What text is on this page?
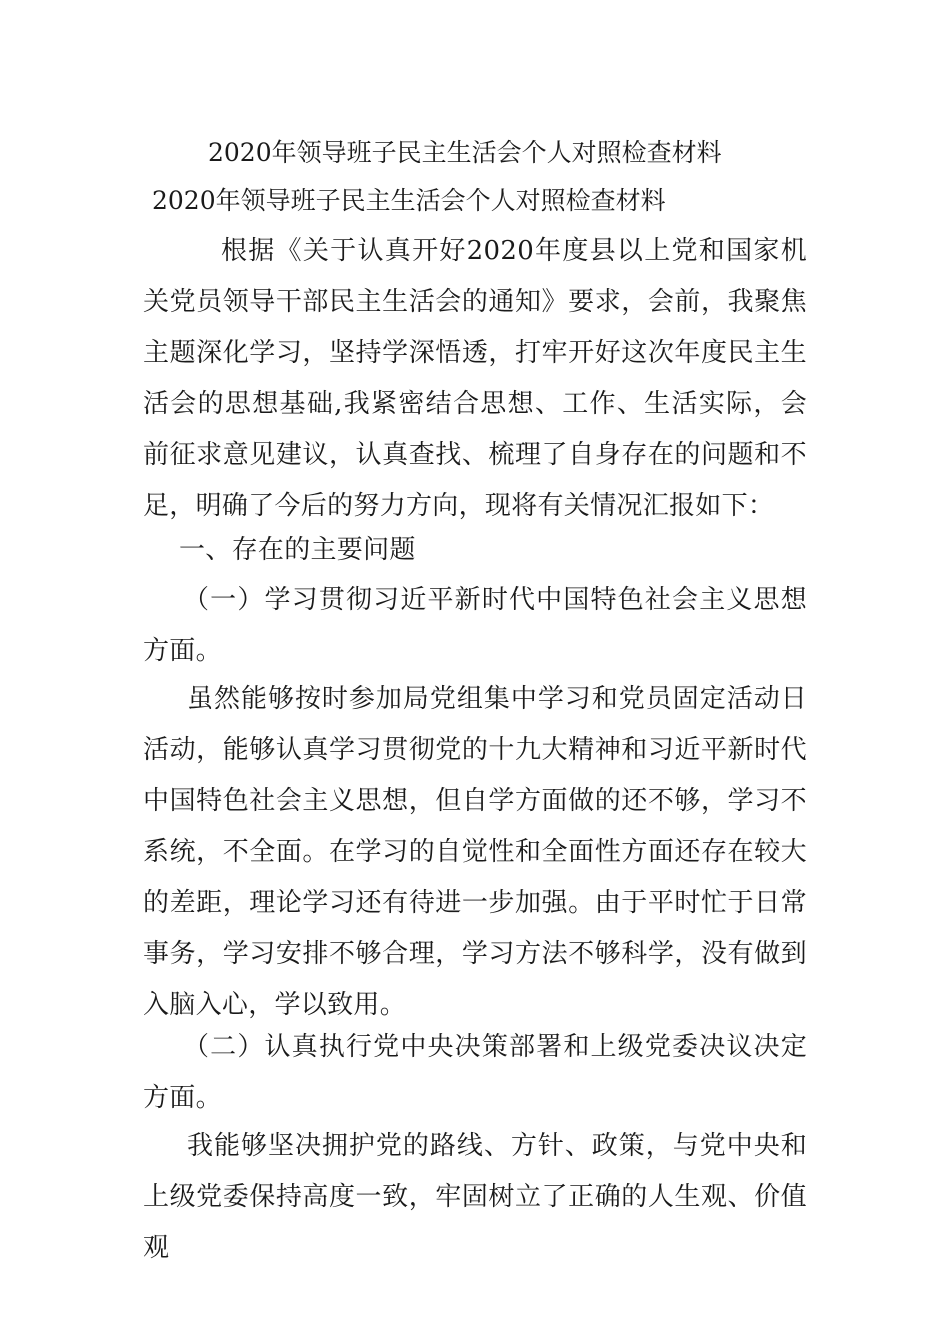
2020年领导班子民主生活会个人对照检查材料
2020年领导班子民主生活会个人对照检查材料

根据《关于认真开好2020年度县以上党和国家机关党员领导干部民主生活会的通知》要求，会前，我聚焦主题深化学习，坚持学深悟透，打牢开好这次年度民主生活会的思想基础,我紧密结合思想、工作、生活实际，会前征求意见建议，认真查找、梳理了自身存在的问题和不足，明确了今后的努力方向，现将有关情况汇报如下：

一、存在的主要问题

（一）学习贯彻习近平新时代中国特色社会主义思想方面。

虽然能够按时参加局党组集中学习和党员固定活动日活动，能够认真学习贯彻党的十九大精神和习近平新时代中国特色社会主义思想，但自学方面做的还不够，学习不系统，不全面。在学习的自觉性和全面性方面还存在较大的差距，理论学习还有待进一步加强。由于平时忙于日常事务，学习安排不够合理，学习方法不够科学，没有做到入脑入心，学以致用。

（二）认真执行党中央决策部署和上级党委决议决定方面。

我能够坚决拥护党的路线、方针、政策，与党中央和上级党委保持高度一致，牢固树立了正确的人生观、价值观
